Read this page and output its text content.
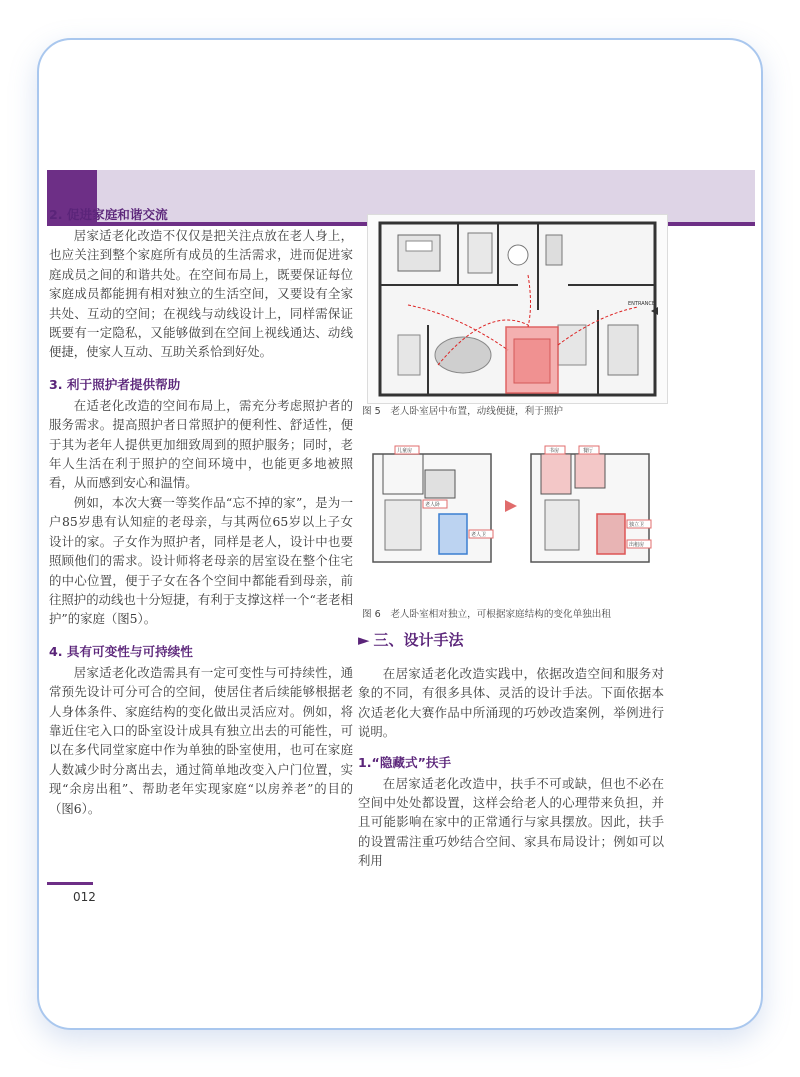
012
2. 促进家庭和谐交流

居家适老化改造不仅仅是把关注点放在老人身上，也应关注到整个家庭所有成员的生活需求，进而促进家庭成员之间的和谐共处。在空间布局上，既要保证每位家庭成员都能拥有相对独立的生活空间，又要设有全家共处、互动的空间；在视线与动线设计上，同样需保证既要有一定隐私，又能够做到在空间上视线通达、动线便捷，使家人互动、互助关系恰到好处。

3. 利于照护者提供帮助

在适老化改造的空间布局上，需充分考虑照护者的服务需求。提高照护者日常照护的便利性、舒适性，便于其为老年人提供更加细致周到的照护服务；同时，老年人生活在利于照护的空间环境中，也能更多地被照看，从而感到安心和温情。

例如，本次大赛一等奖作品“忘不掉的家”，是为一户85岁患有认知症的老母亲，与其两位65岁以上子女设计的家。子女作为照护者，同样是老人，设计中也要照顾他们的需求。设计师将老母亲的居室设在整个住宅的中心位置，便于子女在各个空间中都能看到母亲，前往照护的动线也十分短捷，有利于支撑这样一个“老老相护”的家庭（图5）。

4. 具有可变性与可持续性

居家适老化改造需具有一定可变性与可持续性，通常预先设计可分可合的空间，使居住者后续能够根据老人身体条件、家庭结构的变化做出灵活应对。例如，将靠近住宅入口的卧室设计成具有独立出去的可能性，可以在多代同堂家庭中作为单独的卧室使用，也可在家庭人数减少时分离出去，通过简单地改变入户门位置，实现“余房出租”、帮助老年实现家庭“以房养老”的目的（图6）。

ENTRANCE
图 5　老人卧室居中布置，动线便捷，利于照护
儿童房
老人卧
老人卫
书房	餐厅
独立卫
出租房
图 6　老人卧室相对独立，可根据家庭结构的变化单独出租
► 三、设计手法

在居家适老化改造实践中，依据改造空间和服务对象的不同，有很多具体、灵活的设计手法。下面依据本次适老化大赛作品中所涌现的巧妙改造案例，举例进行说明。

1.“隐藏式”扶手

在居家适老化改造中，扶手不可或缺，但也不必在空间中处处都设置，这样会给老人的心理带来负担，并且可能影响在家中的正常通行与家具摆放。因此，扶手的设置需注重巧妙结合空间、家具布局设计；例如可以利用
